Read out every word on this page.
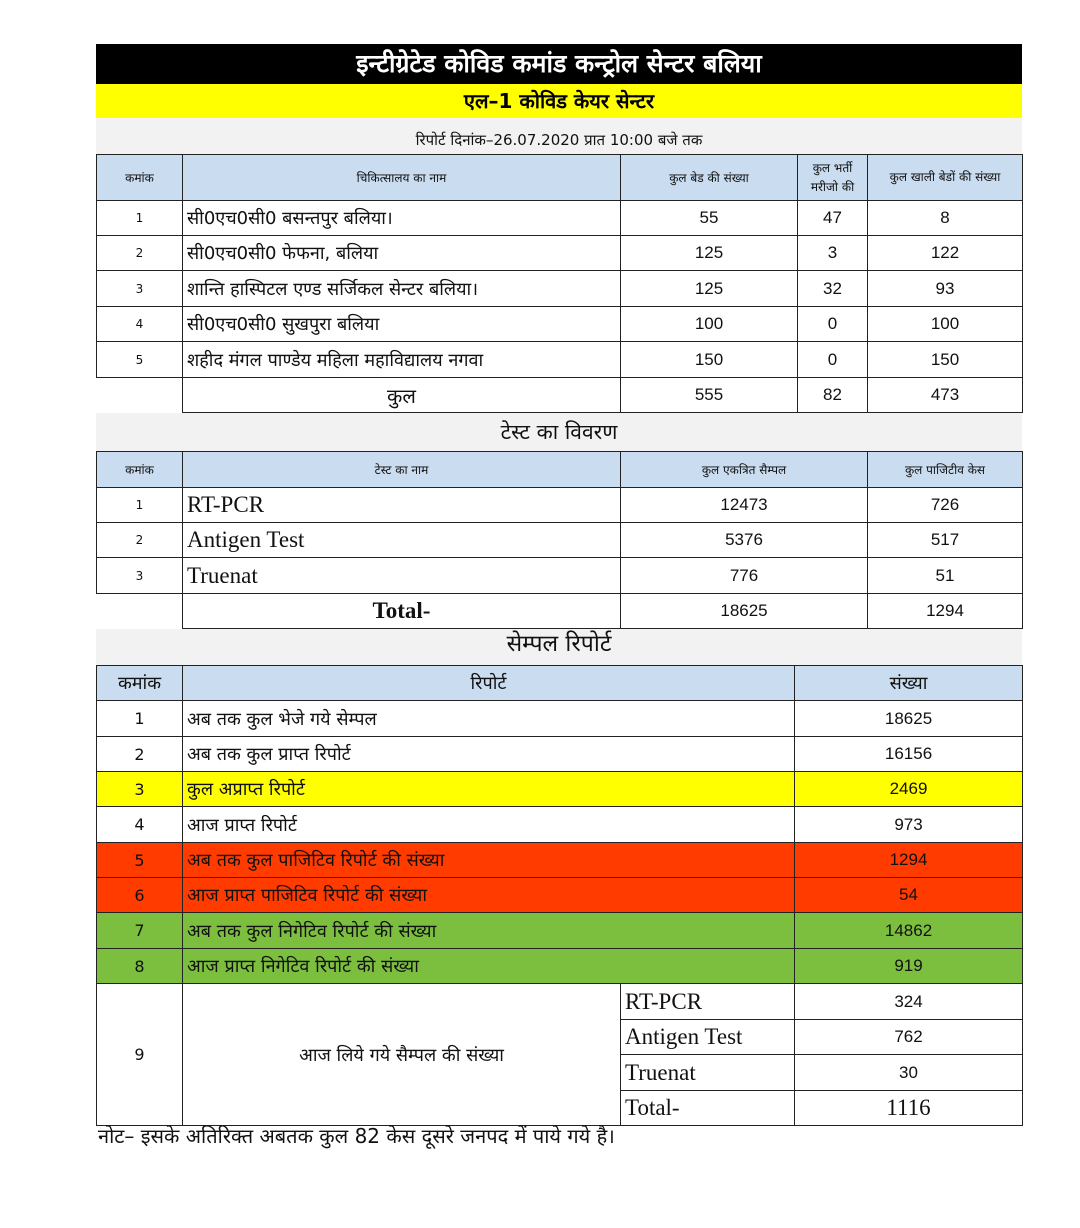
इन्टीग्रेटेड कोविड कमांड कन्ट्रोल सेन्टर बलिया
एल–1 कोविड केयर सेन्टर
रिपोर्ट दिनांक–26.07.2020 प्रात 10:00 बजे तक
कमांक	चिकित्सालय का नाम	कुल बेड की संख्या	कुल भर्ती मरीजो की	कुल खाली बेडों की संख्या
1	सी0एच0सी0 बसन्तपुर बलिया।	55	47	8
2	सी0एच0सी0 फेफना, बलिया	125	3	122
3	शान्ति हास्पिटल एण्ड सर्जिकल सेन्टर बलिया।	125	32	93
4	सी0एच0सी0 सुखपुरा बलिया	100	0	100
5	शहीद मंगल पाण्डेय महिला महाविद्यालय नगवा	150	0	150
	कुल	555	82	473
टेस्ट का विवरण
कमांक	टेस्ट का नाम	कुल एकत्रित सैम्पल	कुल पाजिटीव केस
1	RT-PCR	12473	726
2	Antigen Test	5376	517
3	Truenat	776	51
	Total-	18625	1294
सेम्पल रिपोर्ट
कमांक	रिपोर्ट		संख्या
1	अब तक कुल भेजे गये सेम्पल		18625
2	अब तक कुल प्राप्त रिपोर्ट		16156
3	कुल अप्राप्त रिपोर्ट		2469
4	आज प्राप्त रिपोर्ट		973
5	अब तक कुल पाजिटिव रिपोर्ट की संख्या		1294
6	आज प्राप्त पाजिटिव रिपोर्ट की संख्या		54
7	अब तक कुल निगेटिव रिपोर्ट की संख्या		14862
8	आज प्राप्त निगेटिव रिपोर्ट की संख्या		919
9	आज लिये गये सैम्पल की संख्या	RT-PCR	324
		Antigen Test	762
		Truenat	30
		Total-	1116
नोट– इसके अतिरिक्त अबतक कुल 82 केस दूसरे जनपद में पाये गये है।
